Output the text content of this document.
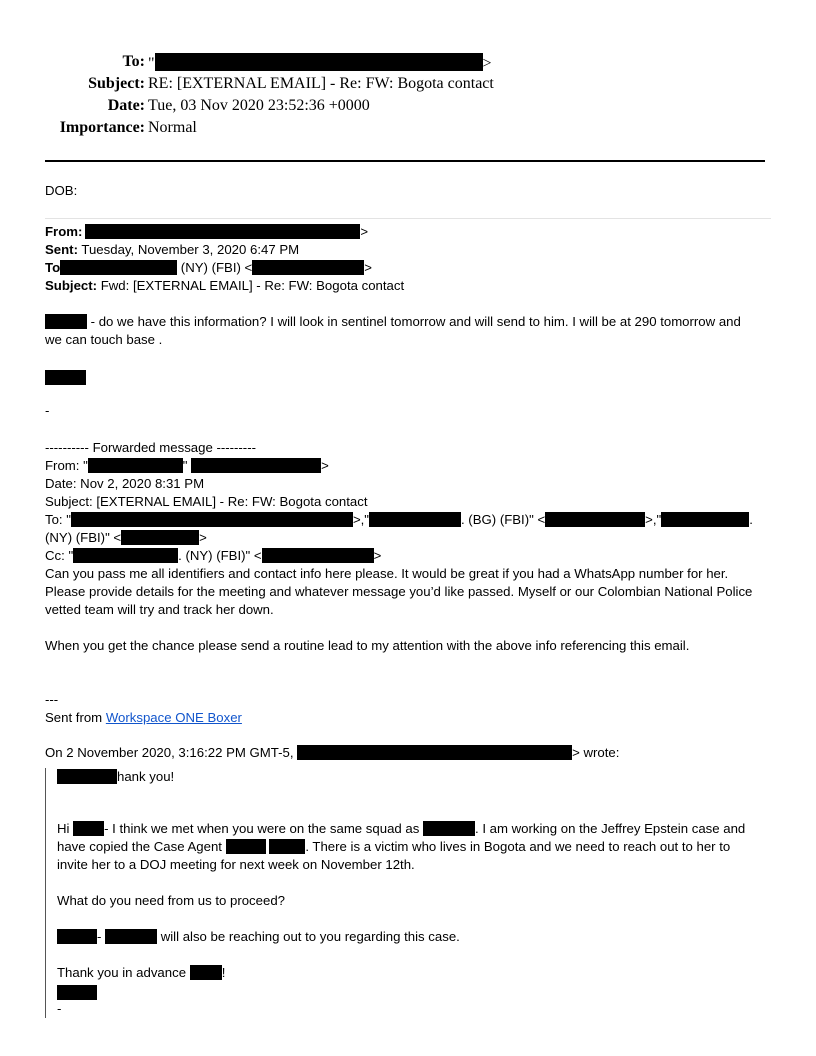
To: "	>
Subject: RE: [EXTERNAL EMAIL] - Re: FW: Bogota contact
Date: Tue, 03 Nov 2020 23:52:36 +0000
Importance: Normal
DOB:
From:	>
Sent: Tuesday, November 3, 2020 6:47 PM
To	(NY) (FBI) <	>
Subject: Fwd: [EXTERNAL EMAIL] - Re: FW: Bogota contact
- do we have this information? I will look in sentinel tomorrow and will send to him. I will be at 290 tomorrow and
we can touch base .
-
---------- Forwarded message ---------
From: "	"	>
Date: Nov 2, 2020 8:31 PM
Subject: [EXTERNAL EMAIL] - Re: FW: Bogota contact
To: "	>,"	. (BG) (FBI)" <	>,"	.
(NY) (FBI)" <	>
Cc: "	. (NY) (FBI)" <	>
Can you pass me all identifiers and contact info here please. It would be great if you had a WhatsApp number for her.
Please provide details for the meeting and whatever message you’d like passed. Myself or our Colombian National Police
vetted team will try and track her down.
When you get the chance please send a routine lead to my attention with the above info referencing this email.
---
Sent from Workspace ONE Boxer
On 2 November 2020, 3:16:22 PM GMT-5,	> wrote:
hank you!
Hi - I think we met when you were on the same squad as	. I am working on the Jeffrey Epstein case and
have copied the Case Agent	. There is a victim who lives in Bogota and we need to reach out to her to
invite her to a DOJ meeting for next week on November 12th.
What do you need from us to proceed?
-	will also be reaching out to you regarding this case.
Thank you in advance !
-
